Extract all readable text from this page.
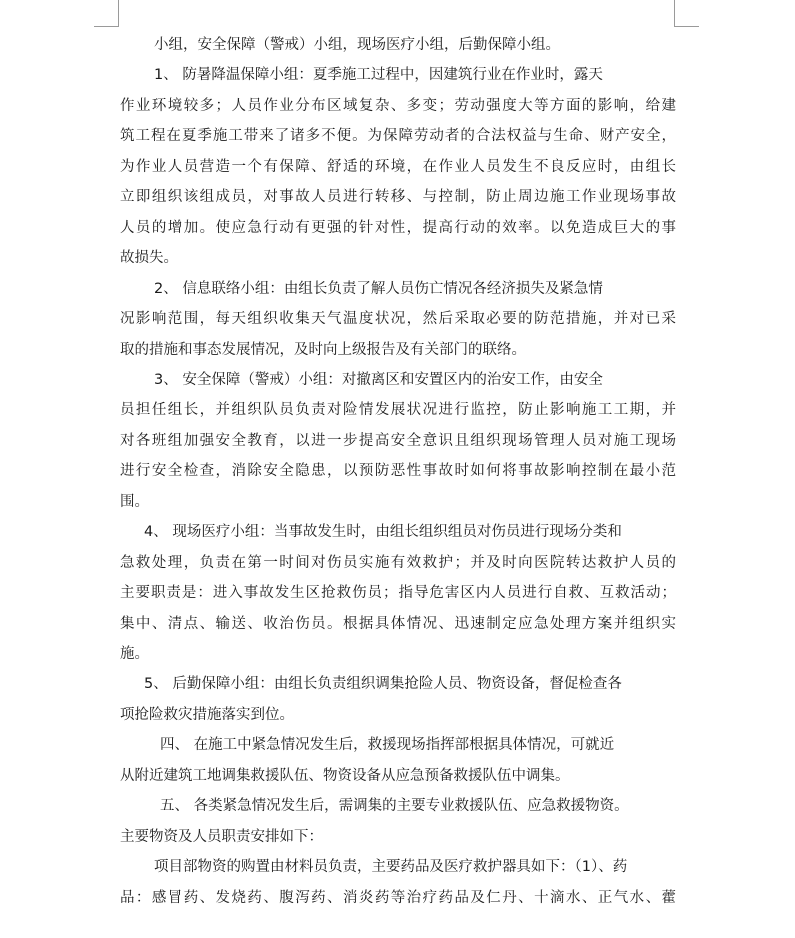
小组，安全保障（警戒）小组，现场医疗小组，后勤保障小组。
1、 防暑降温保障小组：夏季施工过程中，因建筑行业在作业时，露天
作业环境较多；人员作业分布区域复杂、多变；劳动强度大等方面的影响，给建
筑工程在夏季施工带来了诸多不便。为保障劳动者的合法权益与生命、财产安全，
为作业人员营造一个有保障、舒适的环境，在作业人员发生不良反应时，由组长
立即组织该组成员，对事故人员进行转移、与控制，防止周边施工作业现场事故
人员的增加。使应急行动有更强的针对性，提高行动的效率。以免造成巨大的事
故损失。
2、 信息联络小组：由组长负责了解人员伤亡情况各经济损失及紧急情
况影响范围，每天组织收集天气温度状况，然后采取必要的防范措施，并对已采
取的措施和事态发展情况，及时向上级报告及有关部门的联络。
3、 安全保障（警戒）小组：对撤离区和安置区内的治安工作，由安全
员担任组长，并组织队员负责对险情发展状况进行监控，防止影响施工工期，并
对各班组加强安全教育，以进一步提高安全意识且组织现场管理人员对施工现场
进行安全检查，消除安全隐患，以预防恶性事故时如何将事故影响控制在最小范
围。
4、 现场医疗小组：当事故发生时，由组长组织组员对伤员进行现场分类和
急救处理，负责在第一时间对伤员实施有效救护；并及时向医院转达救护人员的
主要职责是：进入事故发生区抢救伤员；指导危害区内人员进行自救、互救活动；
集中、清点、输送、收治伤员。根据具体情况、迅速制定应急处理方案并组织实
施。
5、 后勤保障小组：由组长负责组织调集抢险人员、物资设备，督促检查各
项抢险救灾措施落实到位。
四、 在施工中紧急情况发生后，救援现场指挥部根据具体情况，可就近
从附近建筑工地调集救援队伍、物资设备从应急预备救援队伍中调集。
五、 各类紧急情况发生后，需调集的主要专业救援队伍、应急救援物资。
主要物资及人员职责安排如下：
项目部物资的购置由材料员负责，主要药品及医疗救护器具如下：（1）、药
品：感冒药、发烧药、腹泻药、消炎药等治疗药品及仁丹、十滴水、正气水、藿
